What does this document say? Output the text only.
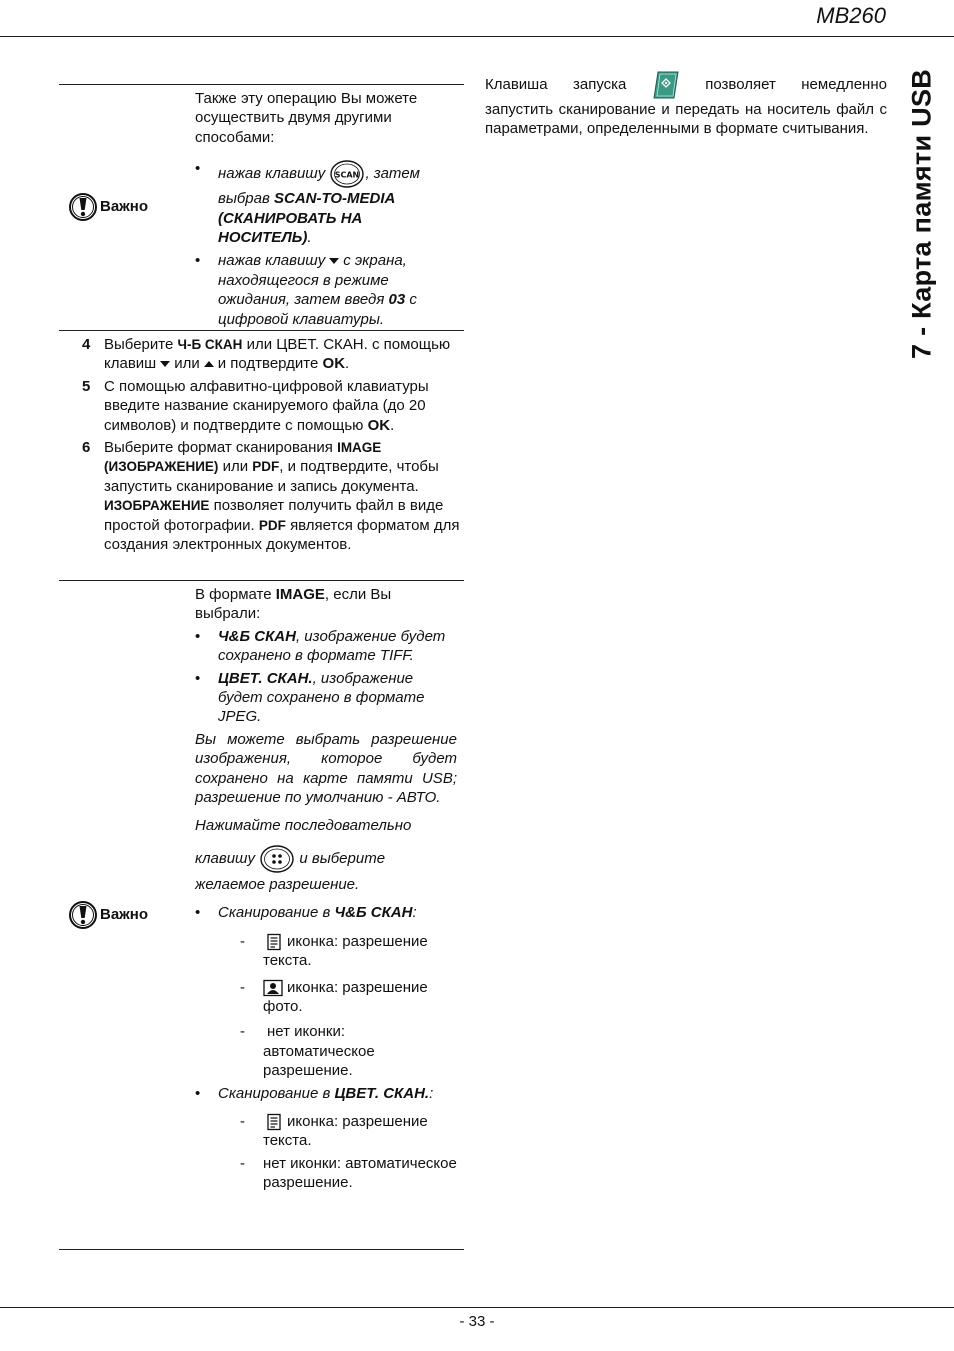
MB260
7 - Карта памяти USB
Важно

Также эту операцию Вы можете осуществить двумя другими способами:

• нажав клавишу SCAN , затем выбрав SCAN-TO-MEDIA (СКАНИРОВАТЬ НА НОСИТЕЛЬ).
• нажав клавишу с экрана, находящегося в режиме ожидания, затем введя 03 с цифровой клавиатуры.
4 Выберите Ч-Б СКАН или ЦВЕТ. СКАН. с помощью клавиш или и подтвердите OK.

5 С помощью алфавитно-цифровой клавиатуры введите название сканируемого файла (до 20 символов) и подтвердите с помощью OK.

6 Выберите формат сканирования IMAGE (ИЗОБРАЖЕНИЕ) или PDF, и подтвердите, чтобы запустить сканирование и запись документа. ИЗОБРАЖЕНИЕ позволяет получить файл в виде простой фотографии. PDF является форматом для создания электронных документов.

Важно

В формате IMAGE, если Вы выбрали:

• Ч&Б СКАН, изображение будет сохранено в формате TIFF.
• ЦВЕТ. СКАН., изображение будет сохранено в формате JPEG.

Вы можете выбрать разрешение изображения, которое будет сохранено на карте памяти USB; разрешение по умолчанию - АВТО.

Нажимайте последовательно

клавишу	и выберите

желаемое разрешение.

• Сканирование в Ч&Б СКАН:
-	иконка: разрешение текста.
-	иконка: разрешение фото.
- нет иконки: автоматическое разрешение.
• Сканирование в ЦВЕТ. СКАН.:
-	иконка: разрешение текста.
- нет иконки: автоматическое разрешение.
Клавиша запуска	позволяет немедленно

запустить сканирование и передать на носитель файл с параметрами, определенными в формате считывания.

- 33 -
